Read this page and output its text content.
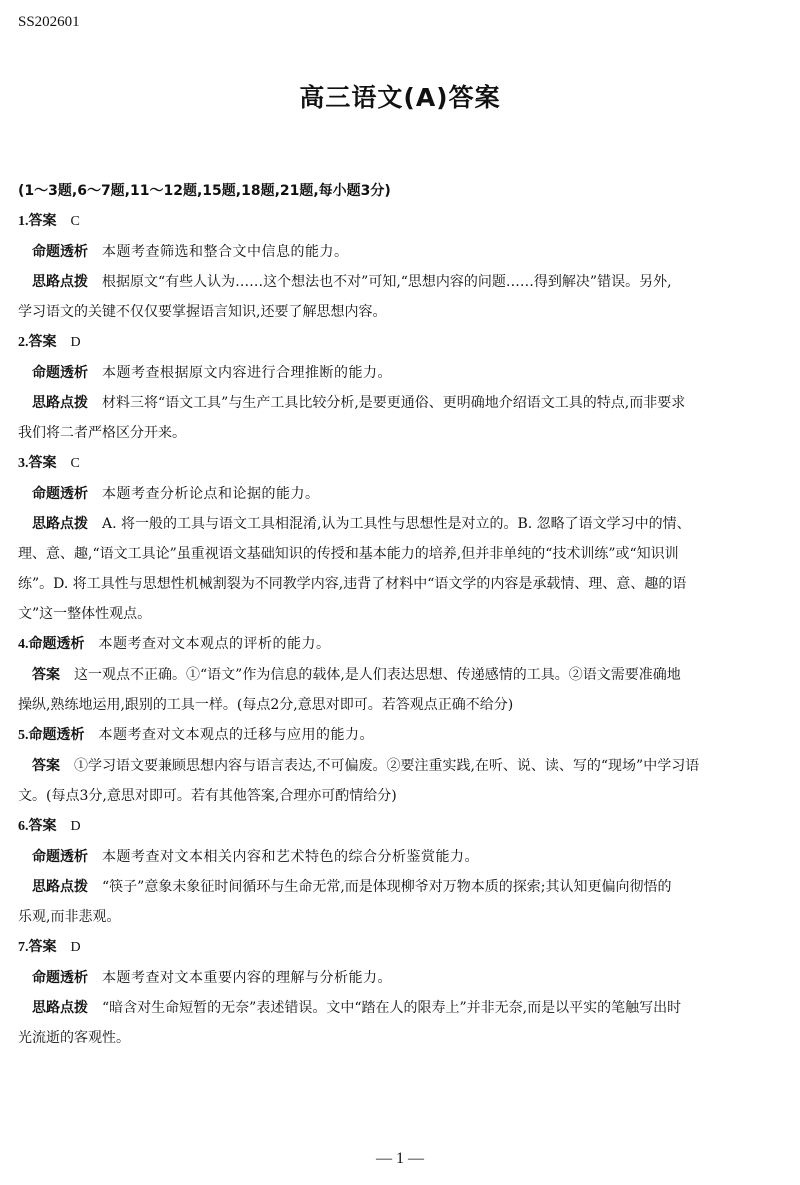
SS202601
高三语文(A)答案

(1～3题,6～7题,11～12题,15题,18题,21题,每小题3分)

1.答案 C

命题透析 本题考查筛选和整合文中信息的能力。

思路点拨 根据原文“有些人认为……这个想法也不对”可知,“思想内容的问题……得到解决”错误。另外,

学习语文的关键不仅仅要掌握语言知识,还要了解思想内容。

2.答案 D

命题透析 本题考查根据原文内容进行合理推断的能力。

思路点拨 材料三将“语文工具”与生产工具比较分析,是要更通俗、更明确地介绍语文工具的特点,而非要求

我们将二者严格区分开来。

3.答案 C

命题透析 本题考查分析论点和论据的能力。

思路点拨 A. 将一般的工具与语文工具相混淆,认为工具性与思想性是对立的。B. 忽略了语文学习中的情、

理、意、趣,“语文工具论”虽重视语文基础知识的传授和基本能力的培养,但并非单纯的“技术训练”或“知识训

练”。D. 将工具性与思想性机械割裂为不同教学内容,违背了材料中“语文学的内容是承载情、理、意、趣的语

文”这一整体性观点。

4.命题透析 本题考查对文本观点的评析的能力。

答案 这一观点不正确。①“语文”作为信息的载体,是人们表达思想、传递感情的工具。②语文需要准确地

操纵,熟练地运用,跟别的工具一样。(每点2分,意思对即可。若答观点正确不给分)

5.命题透析 本题考查对文本观点的迁移与应用的能力。

答案 ①学习语文要兼顾思想内容与语言表达,不可偏废。②要注重实践,在听、说、读、写的“现场”中学习语

文。(每点3分,意思对即可。若有其他答案,合理亦可酌情给分)

6.答案 D

命题透析 本题考查对文本相关内容和艺术特色的综合分析鉴赏能力。

思路点拨 “筷子”意象未象征时间循环与生命无常,而是体现柳爷对万物本质的探索;其认知更偏向彻悟的

乐观,而非悲观。

7.答案 D

命题透析 本题考查对文本重要内容的理解与分析能力。

思路点拨 “暗含对生命短暂的无奈”表述错误。文中“踏在人的限寿上”并非无奈,而是以平实的笔触写出时

光流逝的客观性。

— 1 —
